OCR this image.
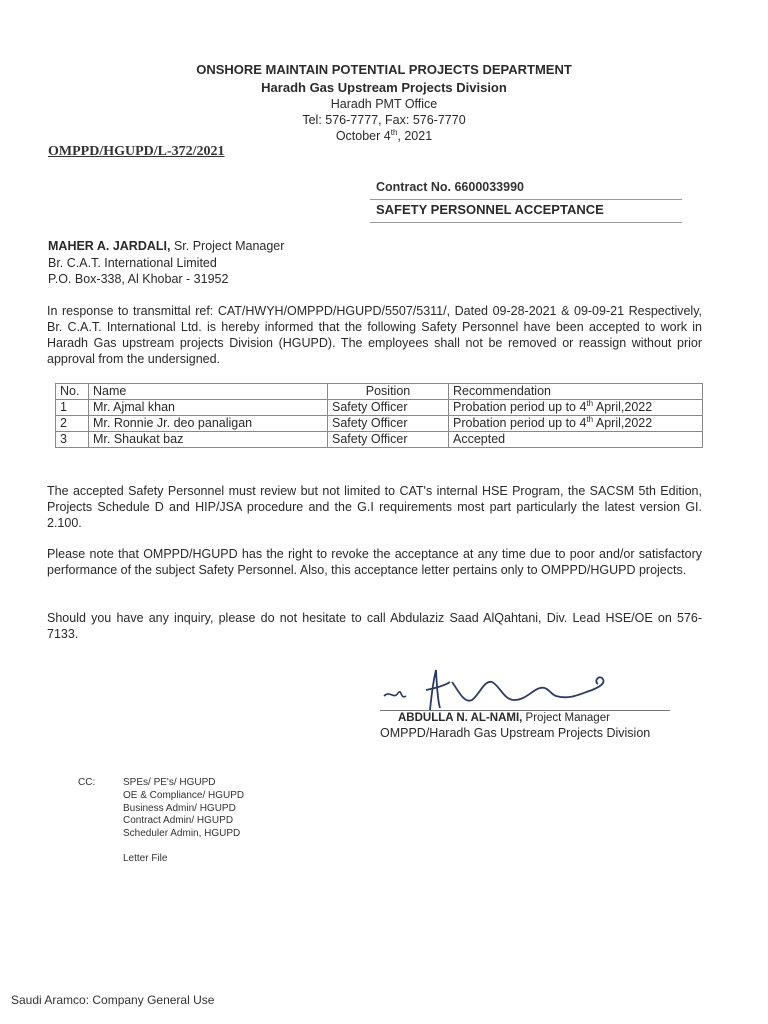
ONSHORE MAINTAIN POTENTIAL PROJECTS DEPARTMENT
Haradh Gas Upstream Projects Division
Haradh PMT Office
Tel: 576-7777, Fax: 576-7770
October 4th, 2021
OMPPD/HGUPD/L-372/2021
Contract No. 6600033990
SAFETY PERSONNEL ACCEPTANCE
MAHER A. JARDALI, Sr. Project Manager
Br. C.A.T. International Limited
P.O. Box-338, Al Khobar - 31952
In response to transmittal ref: CAT/HWYH/OMPPD/HGUPD/5507/5311/, Dated 09-28-2021 & 09-09-21 Respectively, Br. C.A.T. International Ltd. is hereby informed that the following Safety Personnel have been accepted to work in Haradh Gas upstream projects Division (HGUPD). The employees shall not be removed or reassign without prior approval from the undersigned.
No.	Name	Position	Recommendation
1	Mr. Ajmal khan	Safety Officer	Probation period up to 4th April,2022
2	Mr. Ronnie Jr. deo panaligan	Safety Officer	Probation period up to 4th April,2022
3	Mr. Shaukat baz	Safety Officer	Accepted
The accepted Safety Personnel must review but not limited to CAT's internal HSE Program, the SACSM 5th Edition, Projects Schedule D and HIP/JSA procedure and the G.I requirements most part particularly the latest version GI. 2.100.
Please note that OMPPD/HGUPD has the right to revoke the acceptance at any time due to poor and/or satisfactory performance of the subject Safety Personnel. Also, this acceptance letter pertains only to OMPPD/HGUPD projects.
Should you have any inquiry, please do not hesitate to call Abdulaziz Saad AlQahtani, Div. Lead HSE/OE on 576-7133.
ABDULLA N. AL-NAMI, Project Manager
OMPPD/Haradh Gas Upstream Projects Division
CC:	SPEs/ PE's/ HGUPD
OE & Compliance/ HGUPD
Business Admin/ HGUPD
Contract Admin/ HGUPD
Scheduler Admin, HGUPD
Letter File
Saudi Aramco: Company General Use
